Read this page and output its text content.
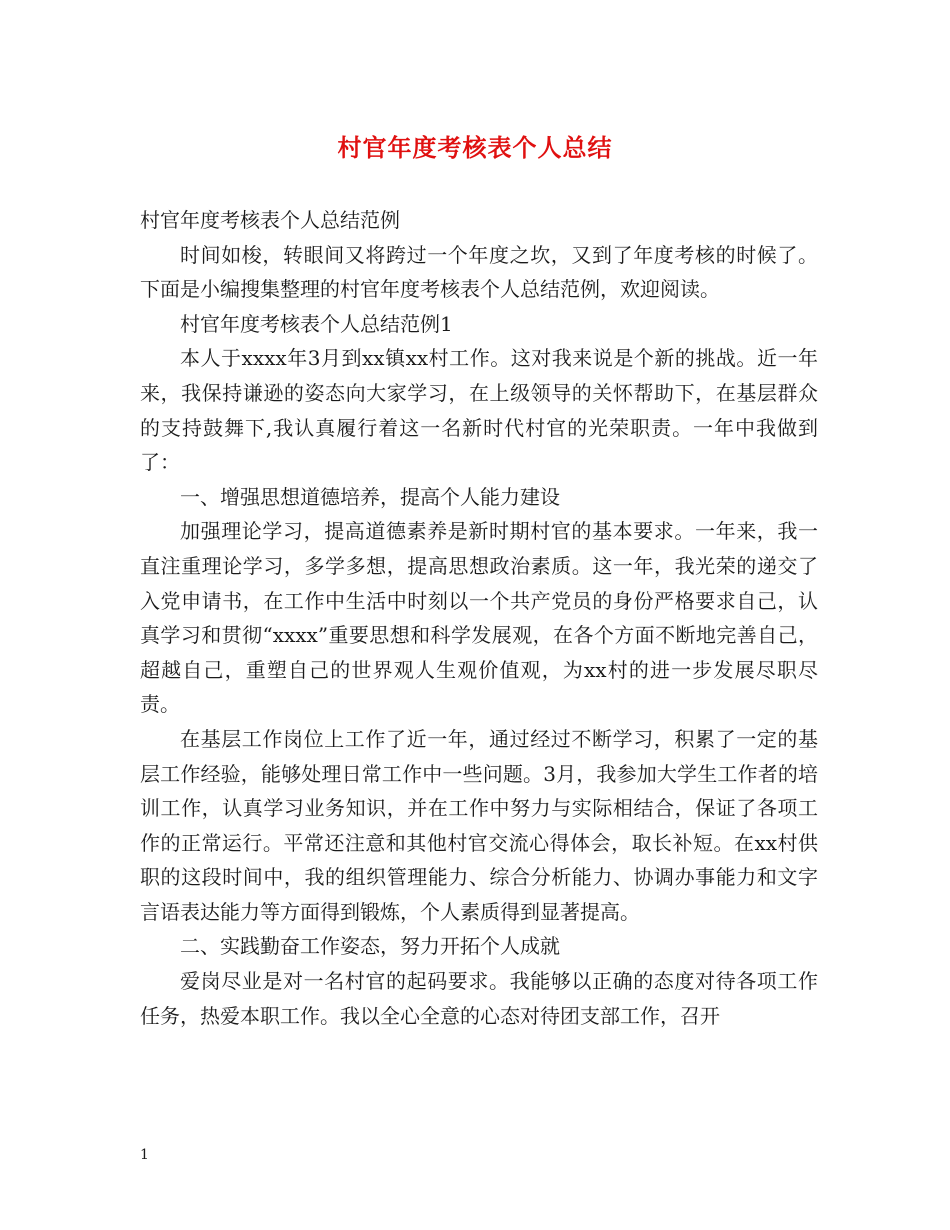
村官年度考核表个人总结

村官年度考核表个人总结范例

时间如梭，转眼间又将跨过一个年度之坎，又到了年度考核的时候了。下面是小编搜集整理的村官年度考核表个人总结范例，欢迎阅读。

村官年度考核表个人总结范例1

本人于xxxx年3月到xx镇xx村工作。这对我来说是个新的挑战。近一年来，我保持谦逊的姿态向大家学习，在上级领导的关怀帮助下，在基层群众的支持鼓舞下,我认真履行着这一名新时代村官的光荣职责。一年中我做到了：

一、增强思想道德培养，提高个人能力建设

加强理论学习，提高道德素养是新时期村官的基本要求。一年来，我一直注重理论学习，多学多想，提高思想政治素质。这一年，我光荣的递交了入党申请书，在工作中生活中时刻以一个共产党员的身份严格要求自己，认真学习和贯彻“xxxx”重要思想和科学发展观，在各个方面不断地完善自己，超越自己，重塑自己的世界观人生观价值观，为xx村的进一步发展尽职尽责。

在基层工作岗位上工作了近一年，通过经过不断学习，积累了一定的基层工作经验，能够处理日常工作中一些问题。3月，我参加大学生工作者的培训工作，认真学习业务知识，并在工作中努力与实际相结合，保证了各项工作的正常运行。平常还注意和其他村官交流心得体会，取长补短。在xx村供职的这段时间中，我的组织管理能力、综合分析能力、协调办事能力和文字言语表达能力等方面得到锻炼，个人素质得到显著提高。

二、实践勤奋工作姿态，努力开拓个人成就

爱岗尽业是对一名村官的起码要求。我能够以正确的态度对待各项工作任务，热爱本职工作。我以全心全意的心态对待团支部工作，召开

1
